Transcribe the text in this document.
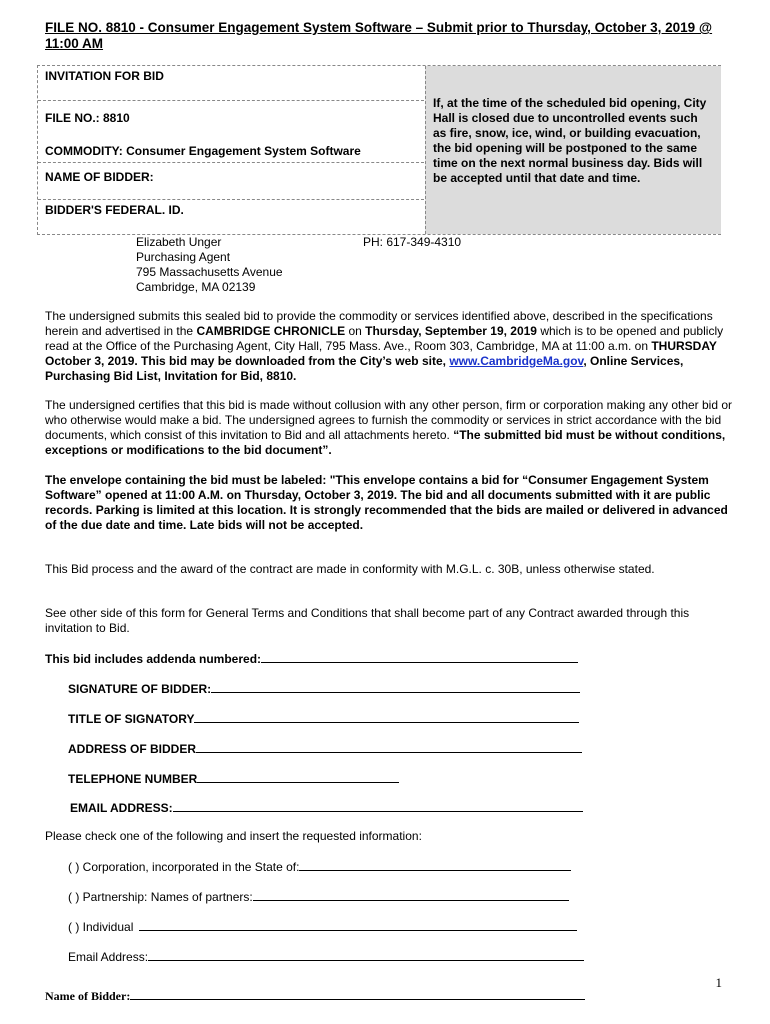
FILE NO. 8810 - Consumer Engagement System Software – Submit prior to Thursday, October 3, 2019 @ 11:00 AM
INVITATION FOR BID
FILE NO.: 8810
COMMODITY: Consumer Engagement System Software
NAME OF BIDDER:
BIDDER'S FEDERAL. ID.
If, at the time of the scheduled bid opening, City Hall is closed due to uncontrolled events such as fire, snow, ice, wind, or building evacuation, the bid opening will be postponed to the same time on the next normal business day. Bids will be accepted until that date and time.
Elizabeth Unger
Purchasing Agent
795 Massachusetts Avenue
Cambridge, MA 02139
PH: 617-349-4310
The undersigned submits this sealed bid to provide the commodity or services identified above, described in the specifications herein and advertised in the CAMBRIDGE CHRONICLE on Thursday, September 19, 2019 which is to be opened and publicly read at the Office of the Purchasing Agent, City Hall, 795 Mass. Ave., Room 303, Cambridge, MA at 11:00 a.m. on THURSDAY October 3, 2019. This bid may be downloaded from the City’s web site, www.CambridgeMa.gov, Online Services, Purchasing Bid List, Invitation for Bid, 8810.
The undersigned certifies that this bid is made without collusion with any other person, firm or corporation making any other bid or who otherwise would make a bid. The undersigned agrees to furnish the commodity or services in strict accordance with the bid documents, which consist of this invitation to Bid and all attachments hereto. “The submitted bid must be without conditions, exceptions or modifications to the bid document”.
The envelope containing the bid must be labeled: "This envelope contains a bid for “Consumer Engagement System Software” opened at 11:00 A.M. on Thursday, October 3, 2019. The bid and all documents submitted with it are public records. Parking is limited at this location. It is strongly recommended that the bids are mailed or delivered in advanced of the due date and time. Late bids will not be accepted.
This Bid process and the award of the contract are made in conformity with M.G.L. c. 30B, unless otherwise stated.
See other side of this form for General Terms and Conditions that shall become part of any Contract awarded through this invitation to Bid.
This bid includes addenda numbered:
SIGNATURE OF BIDDER:
TITLE OF SIGNATORY
ADDRESS OF BIDDER
TELEPHONE NUMBER
EMAIL ADDRESS:
Please check one of the following and insert the requested information:
( ) Corporation, incorporated in the State of:
( ) Partnership: Names of partners:
( ) Individual
Email Address:
1
Name of Bidder:
